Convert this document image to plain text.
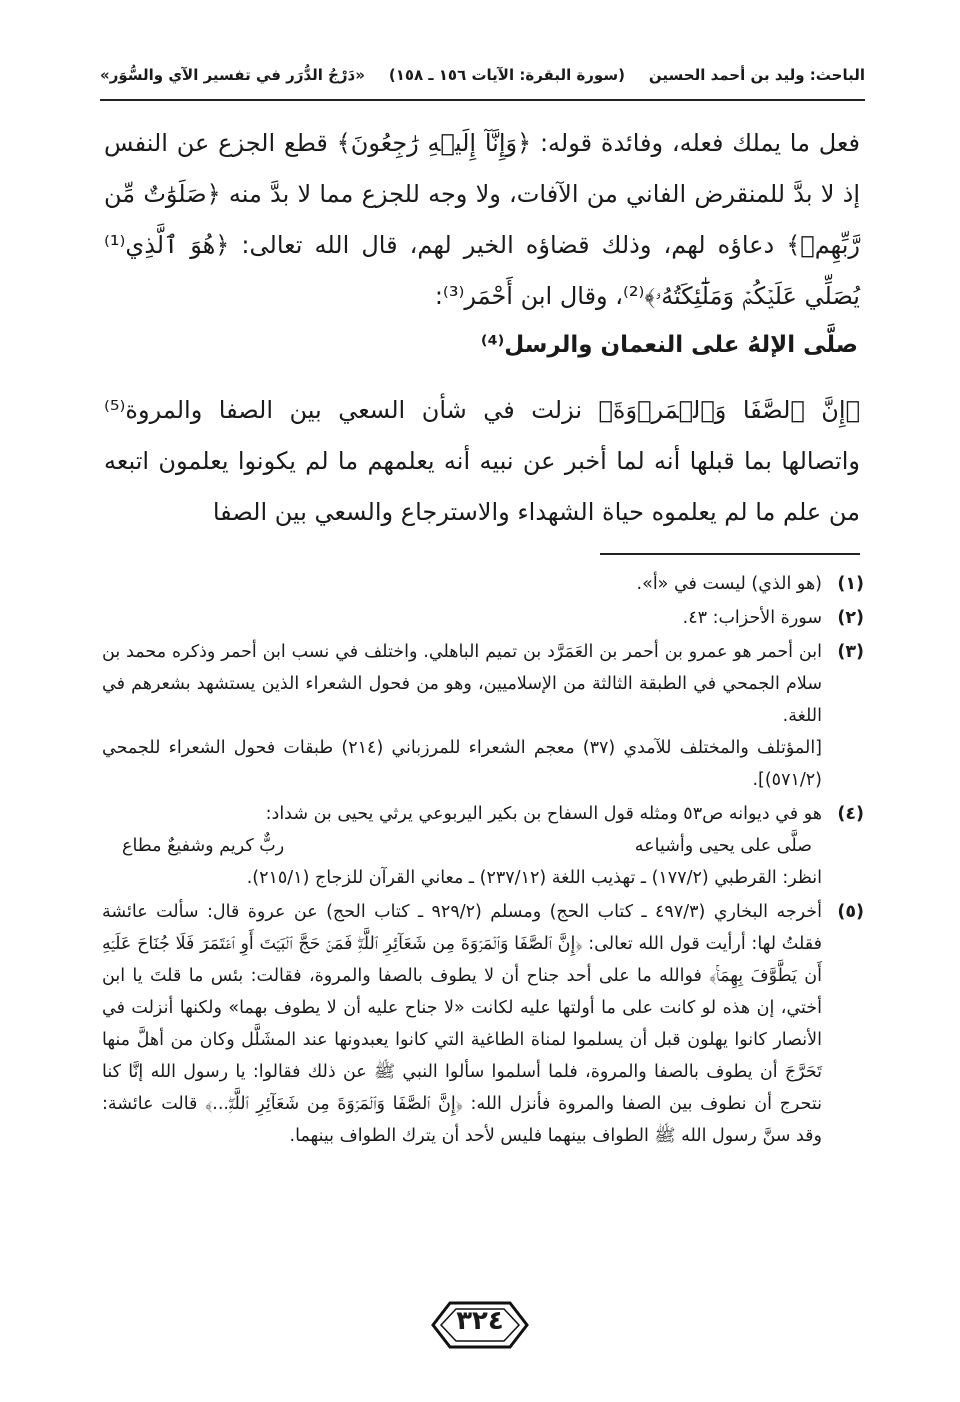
الباحث: وليد بن أحمد الحسين
(سورة البقرة: الآيات ١٥٦ ـ ١٥٨)
«دَرْجُ الدُّرَر في تفسير الآي والسُّوَر»

فعل ما يملك فعله، وفائدة قوله: ﴿وَإِنَّآ إِلَيۡهِ رَٰجِعُونَ﴾ قطع الجزع عن النفس إذ لا بدَّ للمنقرض الفاني من الآفات، ولا وجه للجزع مما لا بدَّ منه ﴿صَلَوَٰتٌ مِّن رَّبِّهِمۡ﴾ دعاؤه لهم، وذلك قضاؤه الخير لهم، قال الله تعالى: ﴿هُوَ ٱلَّذِي⁽¹⁾ يُصَلِّي عَلَيۡكُمۡ وَمَلَٰٓئِكَتُهُۥ﴾⁽²⁾، وقال ابن أَحْمَر⁽³⁾:

صلَّى الإلهُ على النعمان والرسل⁽⁴⁾

﴿إِنَّ ٱلصَّفَا وَٱلۡمَرۡوَةَ﴾ نزلت في شأن السعي بين الصفا والمروة⁽⁵⁾ واتصالها بما قبلها أنه لما أخبر عن نبيه أنه يعلمهم ما لم يكونوا يعلمون اتبعه من علم ما لم يعلموه حياة الشهداء والاسترجاع والسعي بين الصفا

(١)

(هو الذي) ليست في «أ».

(٢)

سورة الأحزاب: ٤٣.

(٣)

ابن أحمر هو عمرو بن أحمر بن العَمَرَّد بن تميم الباهلي. واختلف في نسب ابن أحمر وذكره محمد بن سلام الجمحي في الطبقة الثالثة من الإسلاميين، وهو من فحول الشعراء الذين يستشهد بشعرهم في اللغة.

[المؤتلف والمختلف للآمدي (٣٧) معجم الشعراء للمرزباني (٢١٤) طبقات فحول الشعراء للجمحي (٥٧١/٢)].

(٤)

هو في ديوانه ص٥٣ ومثله قول السفاح بن بكير اليربوعي يرثي يحيى بن شداد:

صلَّى على يحيى وأشياعه
ربٌّ كريم وشفيعٌ مطاع

انظر: القرطبي (١٧٧/٢) ـ تهذيب اللغة (٢٣٧/١٢) ـ معاني القرآن للزجاج (٢١٥/١).

(٥)

أخرجه البخاري (٤٩٧/٣ ـ كتاب الحج) ومسلم (٩٢٩/٢ ـ كتاب الحج) عن عروة قال: سألت عائشة فقلتُ لها: أرأيت قول الله تعالى: ﴿إِنَّ ٱلصَّفَا وَٱلۡمَرۡوَةَ مِن شَعَآئِرِ ٱللَّهِۖ فَمَنۡ حَجَّ ٱلۡبَيۡتَ أَوِ ٱعۡتَمَرَ فَلَا جُنَاحَ عَلَيۡهِ أَن يَطَّوَّفَ بِهِمَاۚ﴾ فوالله ما على أحد جناح أن لا يطوف بالصفا والمروة، فقالت: بئس ما قلتَ يا ابن أختي، إن هذه لو كانت على ما أولتها عليه لكانت «لا جناح عليه أن لا يطوف بهما» ولكنها أنزلت في الأنصار كانوا يهلون قبل أن يسلموا لمناة الطاغية التي كانوا يعبدونها عند المشَلَّل وكان من أهلَّ منها تَحَرَّجَ أن يطوف بالصفا والمروة، فلما أسلموا سألوا النبي ﷺ عن ذلك فقالوا: يا رسول الله إنَّا كنا نتحرج أن نطوف بين الصفا والمروة فأنزل الله: ﴿إِنَّ ٱلصَّفَا وَٱلۡمَرۡوَةَ مِن شَعَآئِرِ ٱللَّهِۖ...﴾ قالت عائشة: وقد سنَّ رسول الله ﷺ الطواف بينهما فليس لأحد أن يترك الطواف بينهما.

٣٢٤
